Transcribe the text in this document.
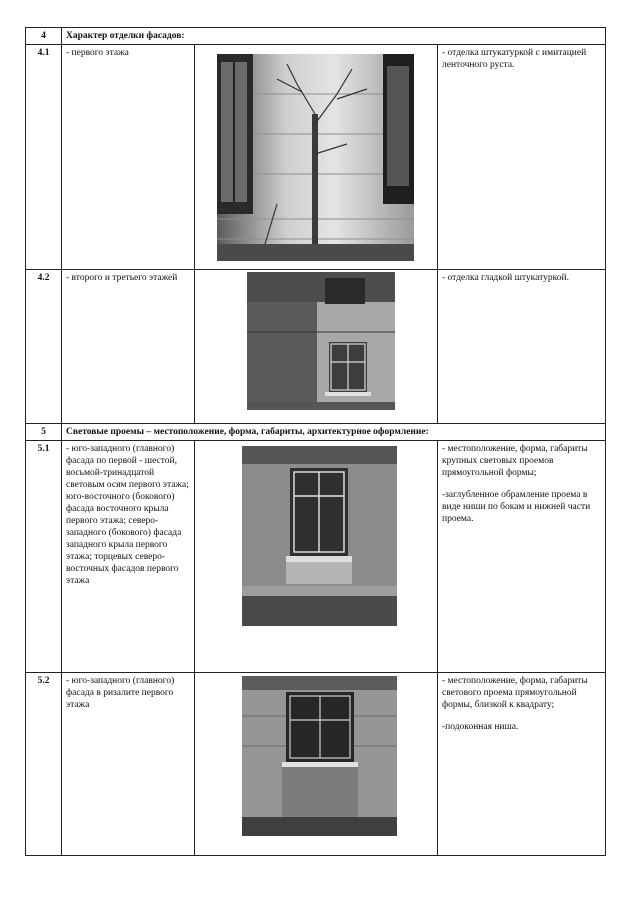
4	Характер отделки фасадов:		
4.1	- первого этажа		- отделка штукатуркой с имитацией ленточного руста.

4.2	- второго и третьего этажей		- отделка гладкой штукатуркой.

5	Световые проемы – местоположение, форма, габариты, архитектурное оформление:		
5.1	- юго-западного (главного) фасада по первой - шестой, восьмой-тринадцатой световым осям первого этажа; юго-восточного (бокового) фасада восточного крыла первого этажа; северо-западного (бокового) фасада западного крыла первого этажа; торцевых северо-восточных фасадов первого этажа		- местоположение, форма, габариты крупных световых проемов прямоугольной формы;

-заглубленное обрамление проема в виде ниши по бокам и нижней части проема.

5.2	- юго-западного (главного) фасада в ризалите первого этажа		- местоположение, форма, габариты светового проема прямоугольной формы, близкой к квадрату;

-подоконная ниша.
